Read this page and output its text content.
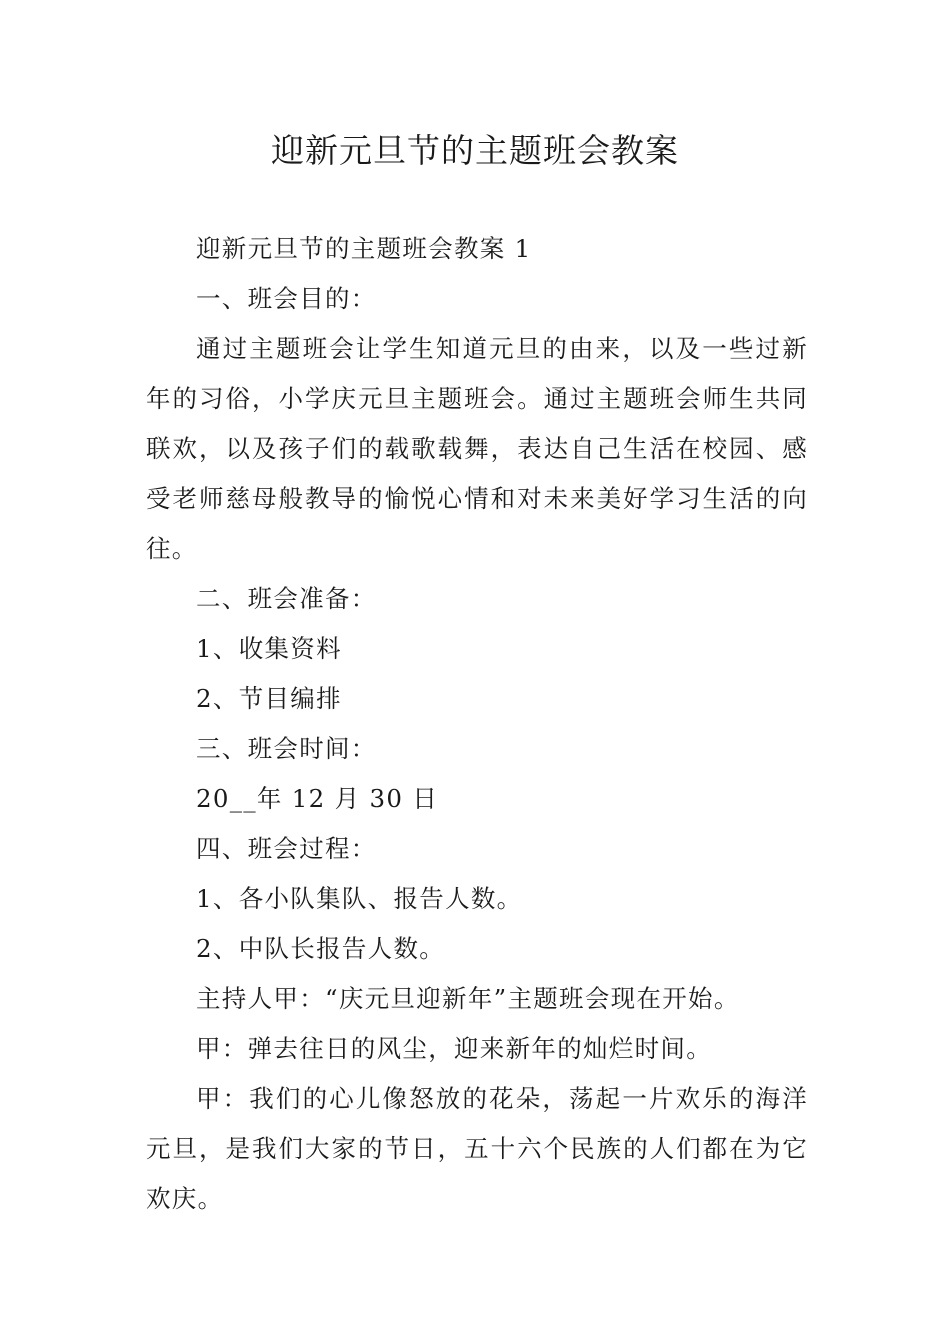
迎新元旦节的主题班会教案

迎新元旦节的主题班会教案 1

一、班会目的：

通过主题班会让学生知道元旦的由来，以及一些过新年的习俗，小学庆元旦主题班会。通过主题班会师生共同联欢，以及孩子们的载歌载舞，表达自己生活在校园、感受老师慈母般教导的愉悦心情和对未来美好学习生活的向往。

二、班会准备：

1、收集资料

2、节目编排

三、班会时间：

20__年 12 月 30 日

四、班会过程：

1、各小队集队、报告人数。

2、中队长报告人数。

主持人甲：“庆元旦迎新年”主题班会现在开始。

甲：弹去往日的风尘，迎来新年的灿烂时间。

甲：我们的心儿像怒放的花朵，荡起一片欢乐的海洋元旦，是我们大家的节日，五十六个民族的人们都在为它欢庆。
